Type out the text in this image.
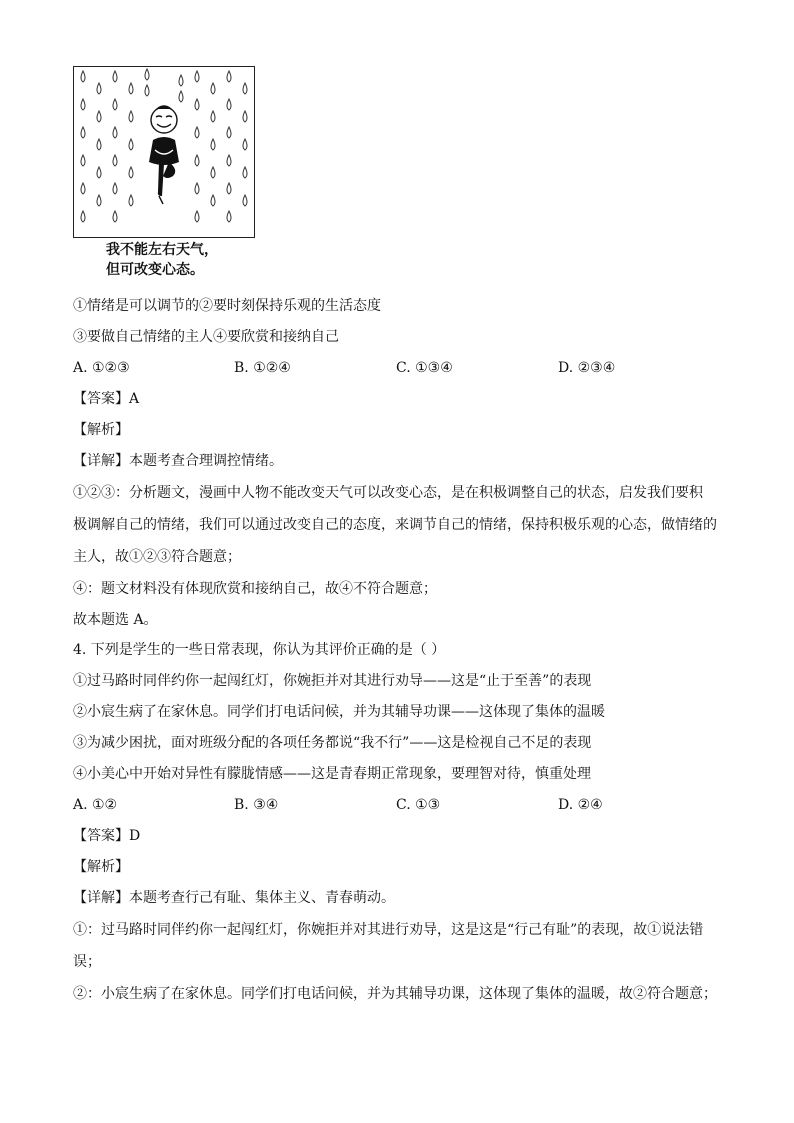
我不能左右天气，
但可改变心态。
①情绪是可以调节的②要时刻保持乐观的生活态度
③要做自己情绪的主人④要欣赏和接纳自己
A. ①②③	B. ①②④	C. ①③④	D. ②③④
【答案】A
【解析】
【详解】本题考查合理调控情绪。
①②③：分析题文，漫画中人物不能改变天气可以改变心态，是在积极调整自己的状态，启发我们要积
极调解自己的情绪，我们可以通过改变自己的态度，来调节自己的情绪，保持积极乐观的心态，做情绪的
主人，故①②③符合题意；
④：题文材料没有体现欣赏和接纳自己，故④不符合题意；
故本题选 A。
4. 下列是学生的一些日常表现，你认为其评价正确的是（ ）
①过马路时同伴约你一起闯红灯，你婉拒并对其进行劝导——这是“止于至善”的表现
②小宸生病了在家休息。同学们打电话问候，并为其辅导功课——这体现了集体的温暖
③为减少困扰，面对班级分配的各项任务都说“我不行”——这是检视自己不足的表现
④小美心中开始对异性有朦胧情感——这是青春期正常现象，要理智对待，慎重处理
A. ①②	B. ③④	C. ①③	D. ②④
【答案】D
【解析】
【详解】本题考查行己有耻、集体主义、青春萌动。
①：过马路时同伴约你一起闯红灯，你婉拒并对其进行劝导，这是这是“行己有耻”的表现，故①说法错
误；
②：小宸生病了在家休息。同学们打电话问候，并为其辅导功课，这体现了集体的温暖，故②符合题意；
